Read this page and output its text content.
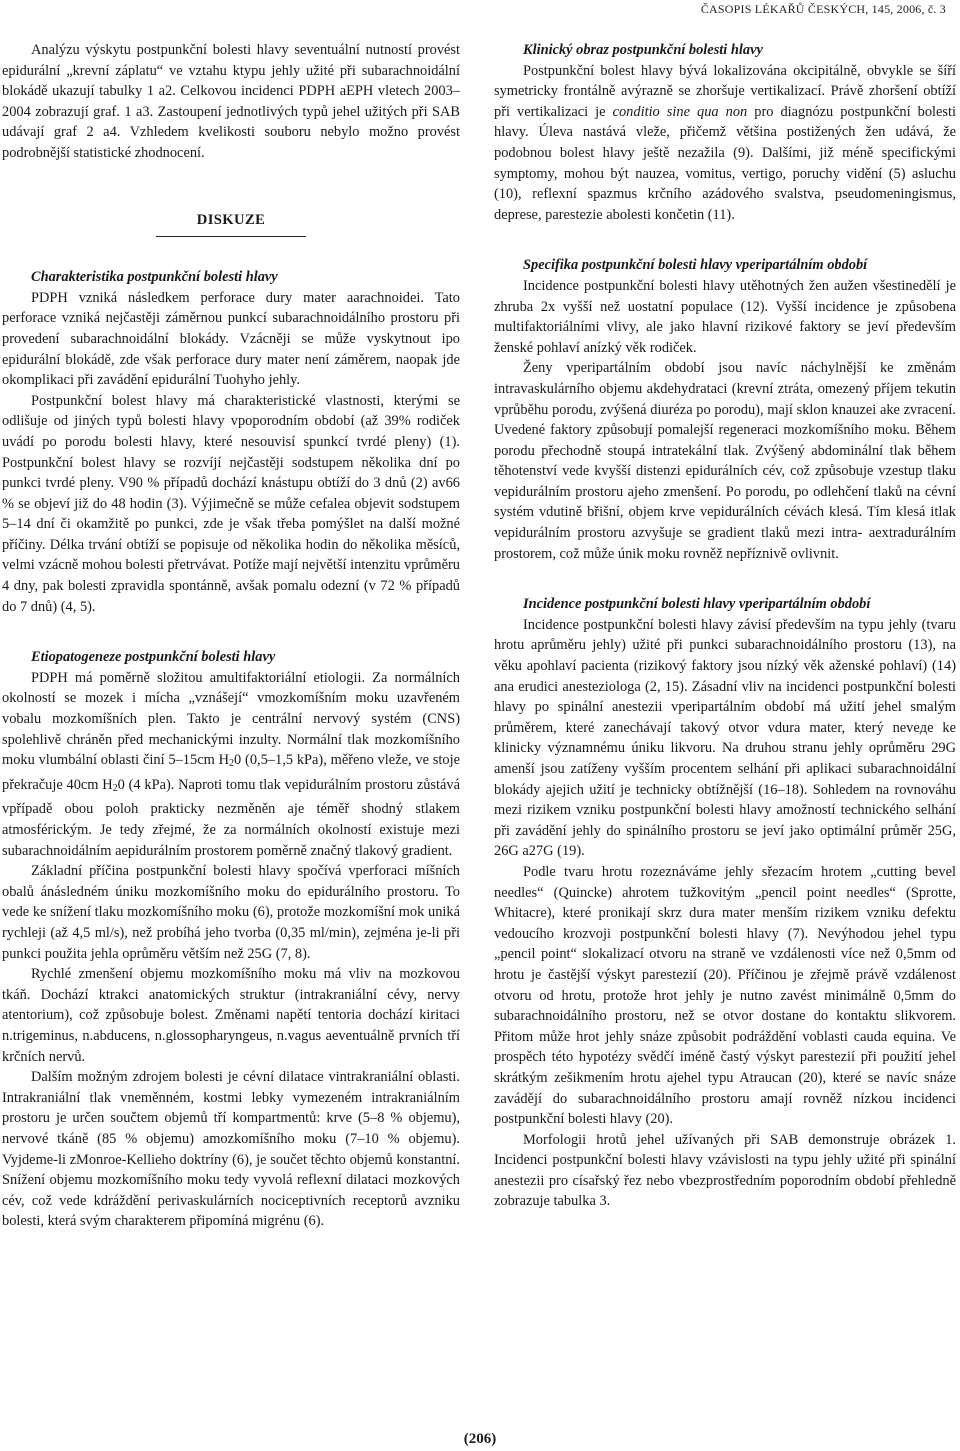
ČASOPIS LÉKAŘŮ ČESKÝCH, 145, 2006, č. 3

Analýzu výskytu postpunkční bolesti hlavy seventuální nutností provést epidurální „krevní záplatu“ ve vztahu ktypu jehly užité při subarachnoidální blokádě ukazují tabulky 1 a2. Celkovou incidenci PDPH aEPH vletech 2003–2004 zobrazují graf. 1 a3. Zastoupení jednotlivých typů jehel užitých při SAB udávají graf 2 a4. Vzhledem kvelikosti souboru nebylo možno provést podrobnější statistické zhodnocení.

DISKUZE

Charakteristika postpunkční bolesti hlavy

PDPH vzniká následkem perforace dury mater aarachnoidei. Tato perforace vzniká nejčastěji záměrnou punkcí subarachnoidálního prostoru při provedení subarachnoidální blokády. Vzácněji se může vyskytnout ipo epidurální blokádě, zde však perforace dury mater není záměrem, naopak jde okomplikaci při zavádění epidurální Tuohyho jehly.

Postpunkční bolest hlavy má charakteristické vlastnosti, kterými se odlišuje od jiných typů bolesti hlavy vpoporodním období (až 39% rodiček uvádí po porodu bolesti hlavy, které nesouvisí spunkcí tvrdé pleny) (1). Postpunkční bolest hlavy se rozvíjí nejčastěji sodstupem několika dní po punkci tvrdé pleny. V90 % případů dochází knástupu obtíží do 3 dnů (2) av66 % se objeví již do 48 hodin (3). Výjimečně se může cefalea objevit sodstupem 5–14 dní či okamžitě po punkci, zde je však třeba pomýšlet na další možné příčiny. Délka trvání obtíží se popisuje od několika hodin do několika měsíců, velmi vzácně mohou bolesti přetrvávat. Potíže mají největší intenzitu vprůměru 4 dny, pak bolesti zpravidla spontánně, avšak pomalu odezní (v 72 % případů do 7 dnů) (4, 5).

Etiopatogeneze postpunkční bolesti hlavy

PDPH má poměrně složitou amultifaktoriální etiologii. Za normálních okolností se mozek i mícha „vznášejí“ vmozkomíšním moku uzavřeném vobalu mozkomíšních plen. Takto je centrální nervový systém (CNS) spolehlivě chráněn před mechanickými inzulty. Normální tlak mozkomíšního moku vlumbální oblasti činí 5–15cm $H_20$ (0,5–1,5 kPa), měřeno vleže, ve stoje překračuje 40cm $H_20$ (4 kPa). Naproti tomu tlak vepidurálním prostoru zůstává vpřípadě obou poloh prakticky nezměněn aje téměř shodný stlakem atmosférickým. Je tedy zřejmé, že za normálních okolností existuje mezi subarachnoidálním aepidurálním prostorem poměrně značný tlakový gradient.

Základní příčina postpunkční bolesti hlavy spočívá vperforaci míšních obalů ánásledném úniku mozkomíšního moku do epidurálního prostoru. To vede ke snížení tlaku mozkomíšního moku (6), protože mozkomíšní mok uniká rychleji (až 4,5 ml/s), než probíhá jeho tvorba (0,35 ml/min), zejména je-li při punkci použita jehla oprůměru větším než 25G (7, 8).

Rychlé zmenšení objemu mozkomíšního moku má vliv na mozkovou tkáň. Dochází ktrakci anatomických struktur (intrakraniální cévy, nervy atentorium), což způsobuje bolest. Změnami napětí tentoria dochází kiritaci n.trigeminus, n.abducens, n.glossopharyngeus, n.vagus aeventuálně prvních tří krčních nervů.

Dalším možným zdrojem bolesti je cévní dilatace vintrakraniální oblasti. Intrakraniální tlak vneměnném, kostmi lebky vymezeném intrakraniálním prostoru je určen součtem objemů tří kompartmentů: krve (5–8 % objemu), nervové tkáně (85 % objemu) amozkomíšního moku (7–10 % objemu). Vyjdeme-li zMonroe-Kellieho doktríny (6), je součet těchto objemů konstantní. Snížení objemu mozkomíšního moku tedy vyvolá reflexní dilataci mozkových cév, což vede kdráždění perivaskulárních nociceptivních receptorů avzniku bolesti, která svým charakterem připomíná migrénu (6).

Klinický obraz postpunkční bolesti hlavy

Postpunkční bolest hlavy bývá lokalizována okcipitálně, obvykle se šíří symetricky frontálně avýrazně se zhoršuje vertikalizací. Právě zhoršení obtíží při vertikalizaci je conditio sine qua non pro diagnózu postpunkční bolesti hlavy. Úleva nastává vleže, přičemž většina postižených žen udává, že podobnou bolest hlavy ještě nezažila (9). Dalšími, již méně specifickými symptomy, mohou být nauzea, vomitus, vertigo, poruchy vidění (5) asluchu (10), reflexní spazmus krčního azádového svalstva, pseudomeningismus, deprese, parestezie abolesti končetin (11).

Specifika postpunkční bolesti hlavy vperipartálním období

Incidence postpunkční bolesti hlavy utěhotných žen aužen všestinedělí je zhruba 2x vyšší než uostatní populace (12). Vyšší incidence je způsobena multifaktoriálními vlivy, ale jako hlavní rizikové faktory se jeví především ženské pohlaví anízký věk rodiček.

Ženy vperipartálním období jsou navíc náchylnější ke změnám intravaskulárního objemu akdehydrataci (krevní ztráta, omezený příjem tekutin vprůběhu porodu, zvýšená diuréza po porodu), mají sklon knauzei ake zvracení. Uvedené faktory způsobují pomalejší regeneraci mozkomíšního moku. Během porodu přechodně stoupá intratekální tlak. Zvýšený abdominální tlak během těhotenství vede kvyšší distenzi epidurálních cév, což způsobuje vzestup tlaku vepidurálním prostoru ajeho zmenšení. Po porodu, po odlehčení tlaků na cévní systém vdutině břišní, objem krve vepidurálních cévách klesá. Tím klesá itlak vepidurálním prostoru azvyšuje se gradient tlaků mezi intra- aextradurálním prostorem, což může únik moku rovněž nepříznivě ovlivnit.

Incidence postpunkční bolesti hlavy vperipartálním období

Incidence postpunkční bolesti hlavy závisí především na typu jehly (tvaru hrotu aprůměru jehly) užité při punkci subarachnoidálního prostoru (13), na věku apohlaví pacienta (rizikový faktory jsou nízký věk aženské pohlaví) (14) ana erudici anesteziologa (2, 15). Zásadní vliv na incidenci postpunkční bolesti hlavy po spinální anestezii vperipartálním období má užití jehel smalým průměrem, které zanechávají takový otvor vdura mater, který neveде ke klinicky významnému úniku likvoru. Na druhou stranu jehly oprůměru 29G amenší jsou zatíženy vyšším procentem selhání při aplikaci subarachnoidální blokády ajejich užití je technicky obtížnější (16–18). Sohledem na rovnováhu mezi rizikem vzniku postpunkční bolesti hlavy amožností technického selhání při zavádění jehly do spinálního prostoru se jeví jako optimální průměr 25G, 26G a27G (19).

Podle tvaru hrotu rozeznáváme jehly sřezacím hrotem „cutting bevel needles“ (Quincke) ahrotem tužkovitým „pencil point needles“ (Sprotte, Whitacre), které pronikají skrz dura mater menším rizikem vzniku defektu vedoucího krozvoji postpunkční bolesti hlavy (7). Nevýhodou jehel typu „pencil point“ slokalizací otvoru na straně ve vzdálenosti více než 0,5mm od hrotu je častější výskyt parestezií (20). Příčinou je zřejmě právě vzdálenost otvoru od hrotu, protože hrot jehly je nutno zavést minimálně 0,5mm do subarachnoidálního prostoru, než se otvor dostane do kontaktu slikvorem. Přitom může hrot jehly snáze způsobit podráždění voblasti cauda equina. Ve prospěch této hypotézy svědčí iméně častý výskyt parestezií při použití jehel skrátkým zešikmením hrotu ajehel typu Atraucan (20), které se navíc snáze zavádějí do subarachnoidálního prostoru amají rovněž nízkou incidenci postpunkční bolesti hlavy (20).

Morfologii hrotů jehel užívaných při SAB demonstruje obrázek 1. Incidenci postpunkční bolesti hlavy vzávislosti na typu jehly užité při spinální anestezii pro císařský řez nebo vbezprostředním poporodním období přehledně zobrazuje tabulka 3.

(206)
